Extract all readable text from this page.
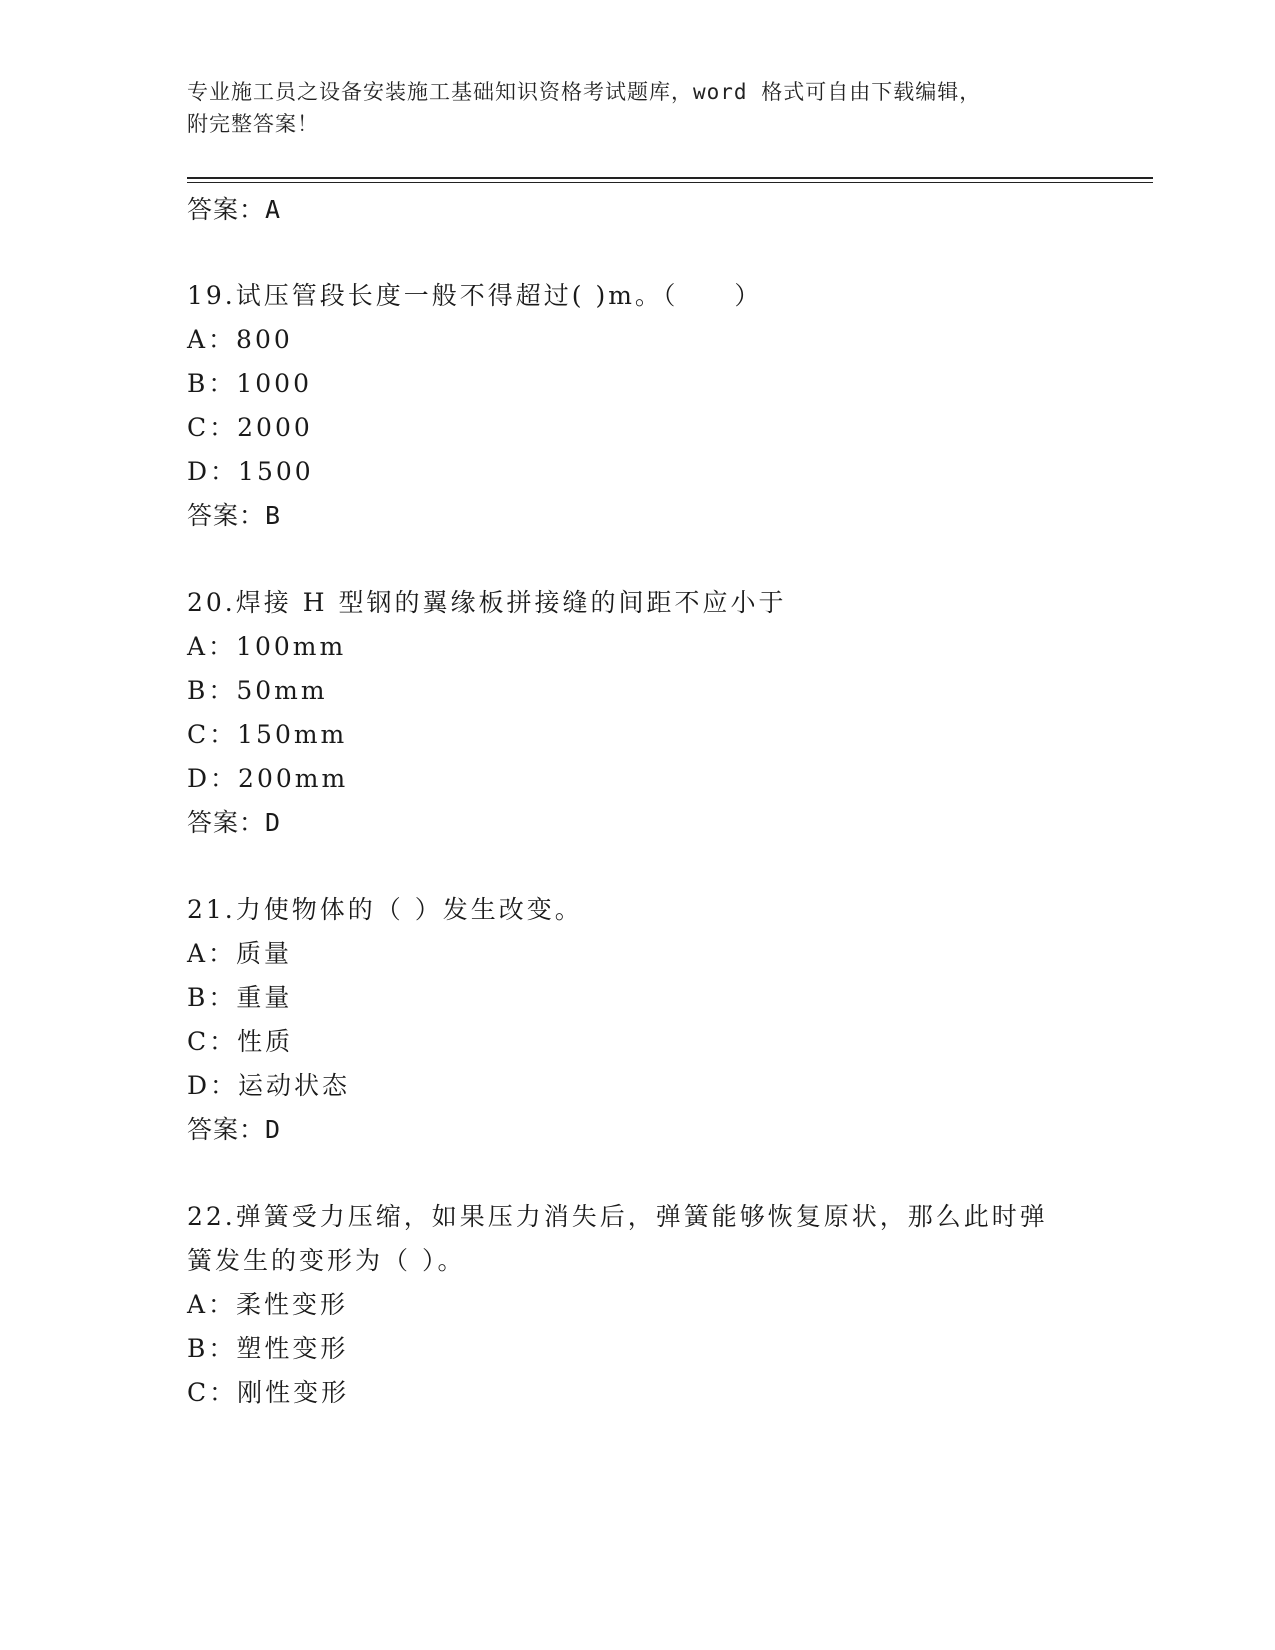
专业施工员之设备安装施工基础知识资格考试题库，word 格式可自由下载编辑，
附完整答案！
答案：A
19.试压管段长度一般不得超过( )m。（　　）
A：800
B：1000
C：2000
D：1500
答案：B
20.焊接 H 型钢的翼缘板拼接缝的间距不应小于
A：100mm
B：50mm
C：150mm
D：200mm
答案：D
21.力使物体的（ ）发生改变。
A：质量
B：重量
C：性质
D：运动状态
答案：D
22.弹簧受力压缩，如果压力消失后，弹簧能够恢复原状，那么此时弹
簧发生的变形为（ ）。
A：柔性变形
B：塑性变形
C：刚性变形
